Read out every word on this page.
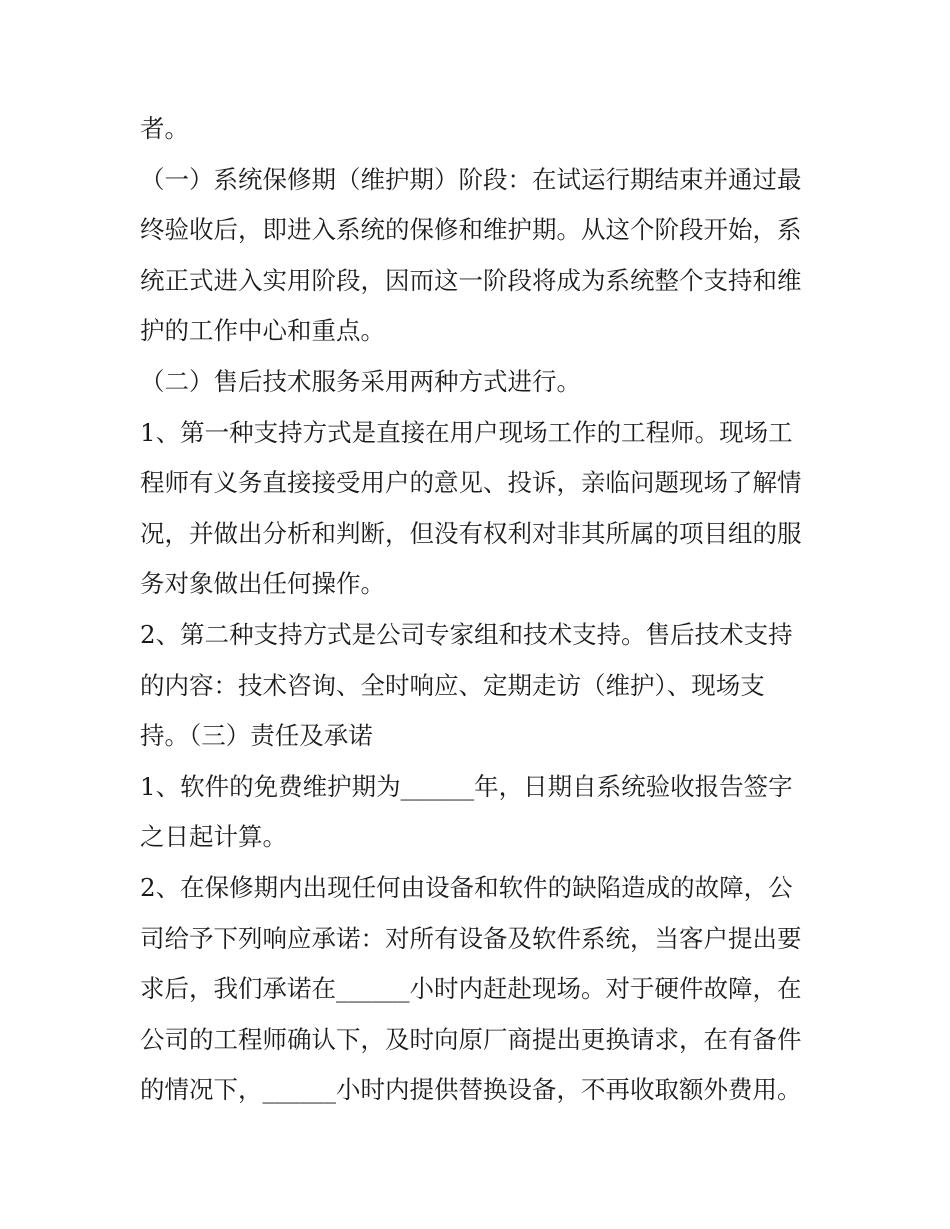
者。
（一）系统保修期（维护期）阶段：在试运行期结束并通过最
终验收后，即进入系统的保修和维护期。从这个阶段开始，系
统正式进入实用阶段，因而这一阶段将成为系统整个支持和维
护的工作中心和重点。
（二）售后技术服务采用两种方式进行。
1、第一种支持方式是直接在用户现场工作的工程师。现场工
程师有义务直接接受用户的意见、投诉，亲临问题现场了解情
况，并做出分析和判断，但没有权利对非其所属的项目组的服
务对象做出任何操作。
2、第二种支持方式是公司专家组和技术支持。售后技术支持
的内容：技术咨询、全时响应、定期走访（维护）、现场支
持。（三）责任及承诺
1、软件的免费维护期为______年，日期自系统验收报告签字
之日起计算。
2、在保修期内出现任何由设备和软件的缺陷造成的故障，公
司给予下列响应承诺：对所有设备及软件系统，当客户提出要
求后，我们承诺在______小时内赶赴现场。对于硬件故障，在
公司的工程师确认下，及时向原厂商提出更换请求，在有备件
的情况下，______小时内提供替换设备，不再收取额外费用。
